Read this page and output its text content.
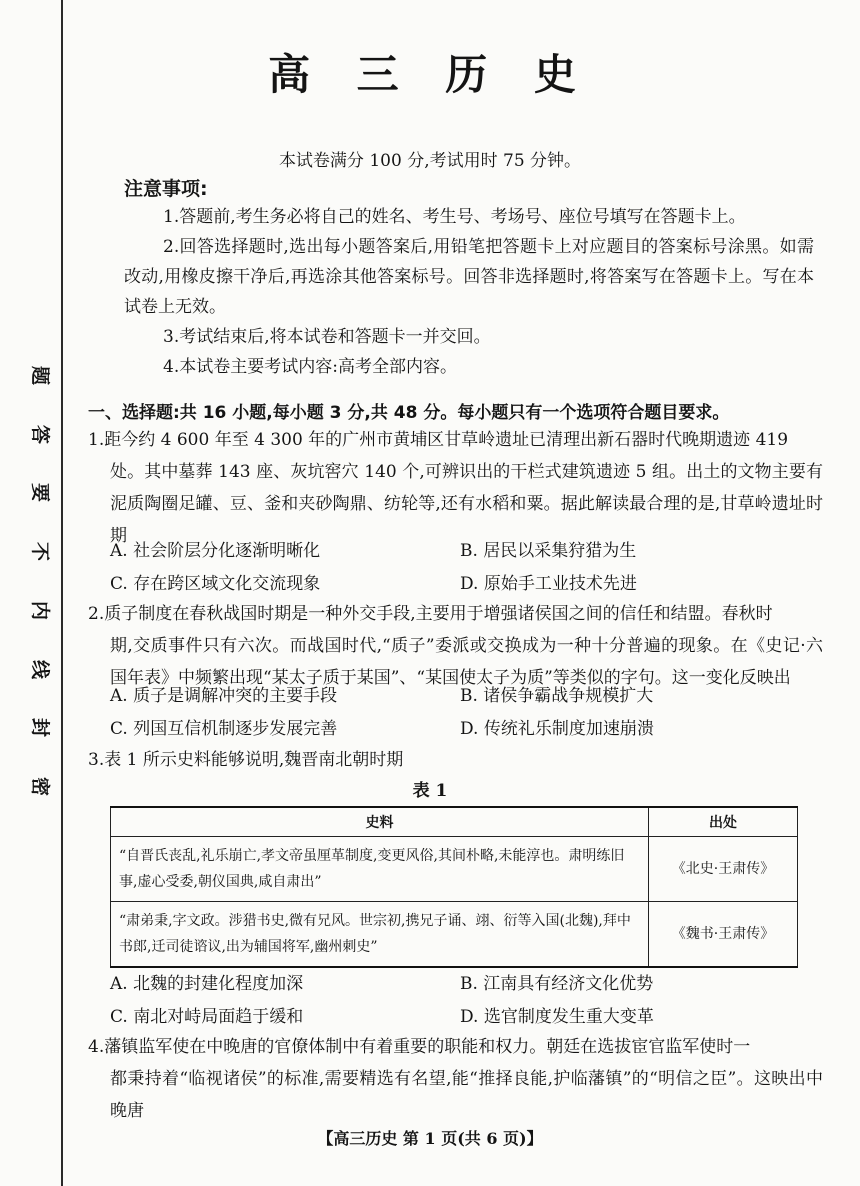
题
答
要
不
内
线
封
密
高 三 历 史
本试卷满分 100 分,考试用时 75 分钟。
注意事项:
1.答题前,考生务必将自己的姓名、考生号、考场号、座位号填写在答题卡上。
2.回答选择题时,选出每小题答案后,用铅笔把答题卡上对应题目的答案标号涂黑。如需改动,用橡皮擦干净后,再选涂其他答案标号。回答非选择题时,将答案写在答题卡上。写在本试卷上无效。
3.考试结束后,将本试卷和答题卡一并交回。
4.本试卷主要考试内容:高考全部内容。
一、选择题:共 16 小题,每小题 3 分,共 48 分。每小题只有一个选项符合题目要求。
1.距今约 4 600 年至 4 300 年的广州市黄埔区甘草岭遗址已清理出新石器时代晚期遗迹 419
处。其中墓葬 143 座、灰坑窖穴 140 个,可辨识出的干栏式建筑遗迹 5 组。出土的文物主要有泥质陶圈足罐、豆、釜和夹砂陶鼎、纺轮等,还有水稻和粟。据此解读最合理的是,甘草岭遗址时期
A. 社会阶层分化逐渐明晰化	B. 居民以采集狩猎为生
C. 存在跨区域文化交流现象	D. 原始手工业技术先进
2.质子制度在春秋战国时期是一种外交手段,主要用于增强诸侯国之间的信任和结盟。春秋时
期,交质事件只有六次。而战国时代,“质子”委派或交换成为一种十分普遍的现象。在《史记·六国年表》中频繁出现“某太子质于某国”、“某国使太子为质”等类似的字句。这一变化反映出
A. 质子是调解冲突的主要手段	B. 诸侯争霸战争规模扩大
C. 列国互信机制逐步发展完善	D. 传统礼乐制度加速崩溃
3.表 1 所示史料能够说明,魏晋南北朝时期
表 1
史料	出处
“自晋氏丧乱,礼乐崩亡,孝文帝虽厘革制度,变更风俗,其间朴略,未能淳也。肃明练旧事,虚心受委,朝仪国典,咸自肃出”	《北史·王肃传》
“肃弟秉,字文政。涉猎书史,微有兄风。世宗初,携兄子诵、翊、衍等入国(北魏),拜中书郎,迁司徒谘议,出为辅国将军,幽州刺史”	《魏书·王肃传》
A. 北魏的封建化程度加深	B. 江南具有经济文化优势
C. 南北对峙局面趋于缓和	D. 选官制度发生重大变革
4.藩镇监军使在中晚唐的官僚体制中有着重要的职能和权力。朝廷在选拔宦官监军使时一
都秉持着“临视诸侯”的标准,需要精选有名望,能“推择良能,护临藩镇”的“明信之臣”。这映出中晚唐
【高三历史 第 1 页(共 6 页)】
